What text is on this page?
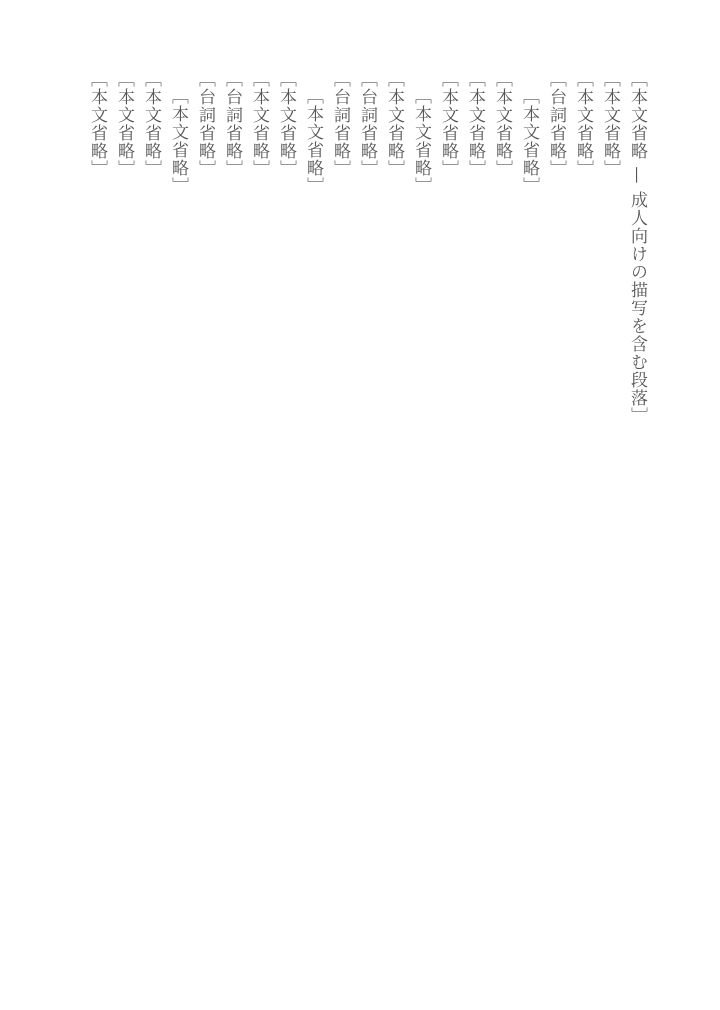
［本文省略 — 成人向けの描写を含む段落］

［本文省略］

［本文省略］

［台詞省略］

［本文省略］

［本文省略］

［本文省略］

［本文省略］

［本文省略］

［本文省略］

［台詞省略］

［台詞省略］

［本文省略］

［本文省略］

［本文省略］

［台詞省略］

［台詞省略］

［本文省略］

［本文省略］

［本文省略］

［本文省略］
